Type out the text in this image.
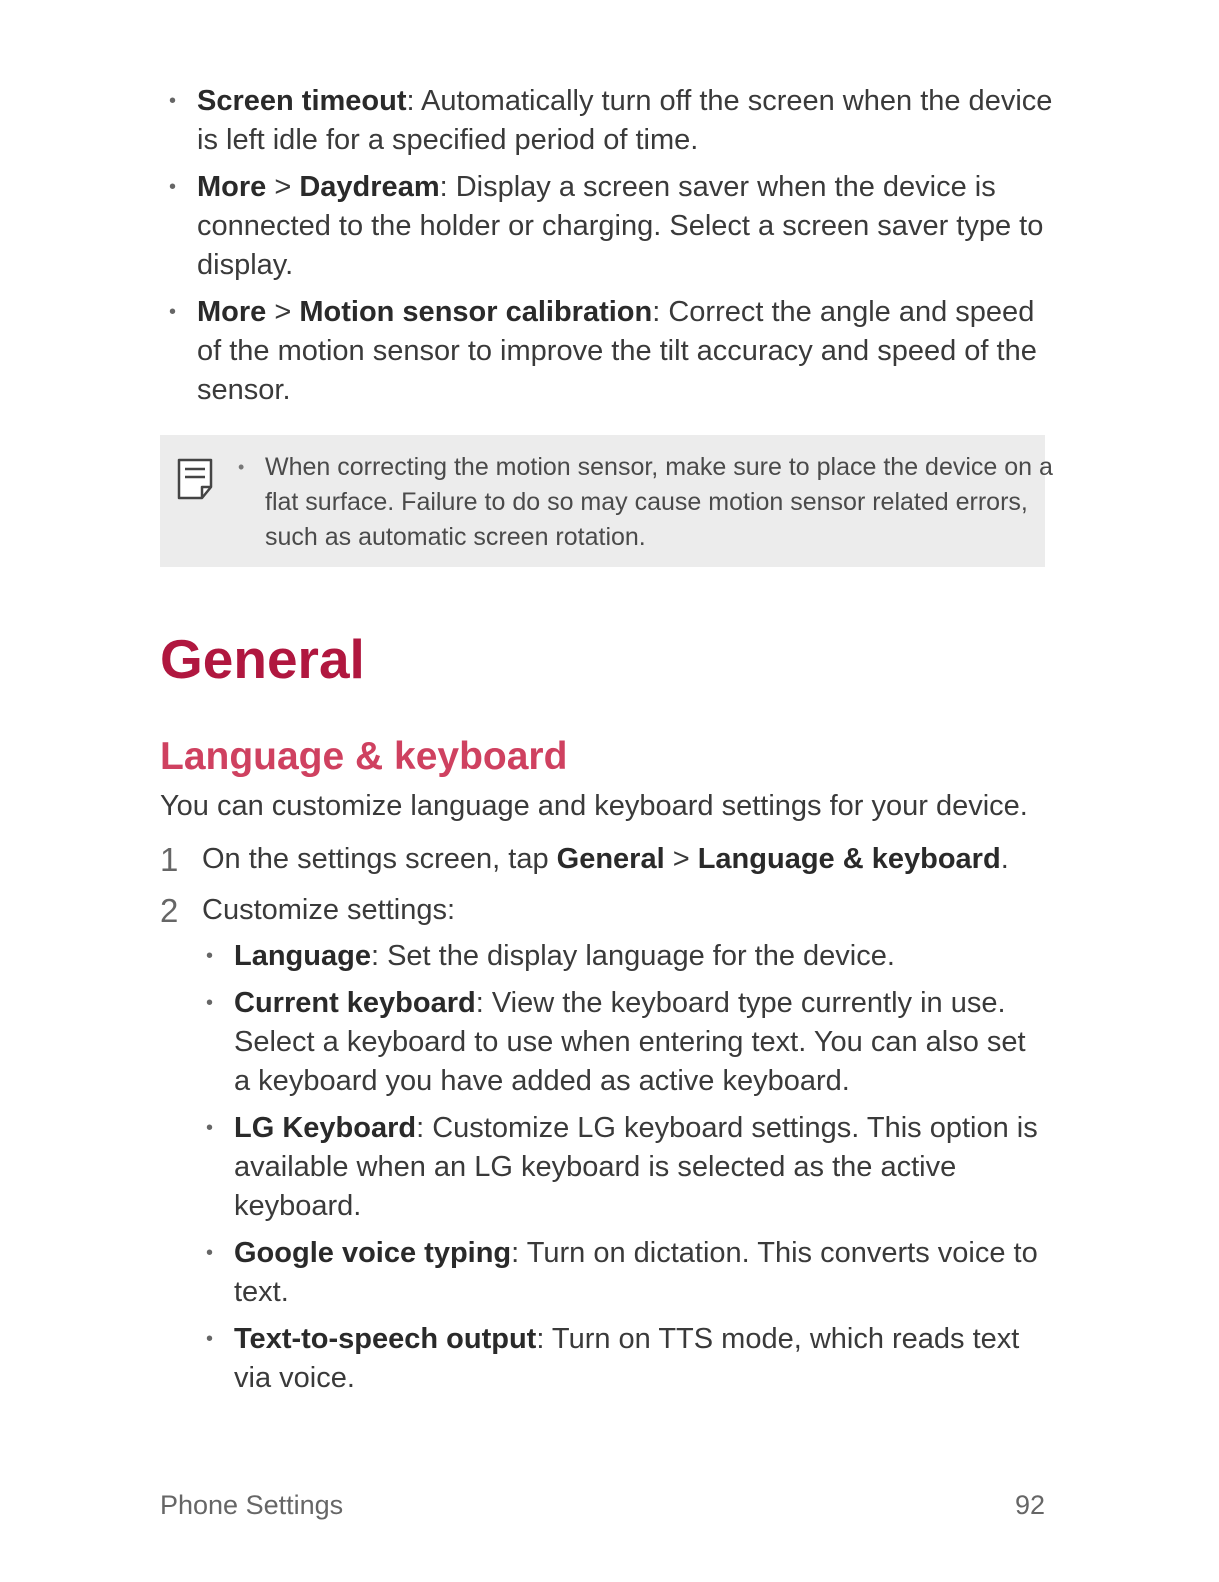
• Screen timeout: Automatically turn off the screen when the device is left idle for a specified period of time.
• More > Daydream: Display a screen saver when the device is connected to the holder or charging. Select a screen saver type to display.
• More > Motion sensor calibration: Correct the angle and speed of the motion sensor to improve the tilt accuracy and speed of the sensor.
• When correcting the motion sensor, make sure to place the device on a flat surface. Failure to do so may cause motion sensor related errors, such as automatic screen rotation.
General
Language & keyboard

You can customize language and keyboard settings for your device.

1 On the settings screen, tap General > Language & keyboard.
2 Customize settings:
• Language: Set the display language for the device.
• Current keyboard: View the keyboard type currently in use. Select a keyboard to use when entering text. You can also set a keyboard you have added as active keyboard.
• LG Keyboard: Customize LG keyboard settings. This option is available when an LG keyboard is selected as the active keyboard.
• Google voice typing: Turn on dictation. This converts voice to text.
• Text-to-speech output: Turn on TTS mode, which reads text via voice.
Phone Settings	92
